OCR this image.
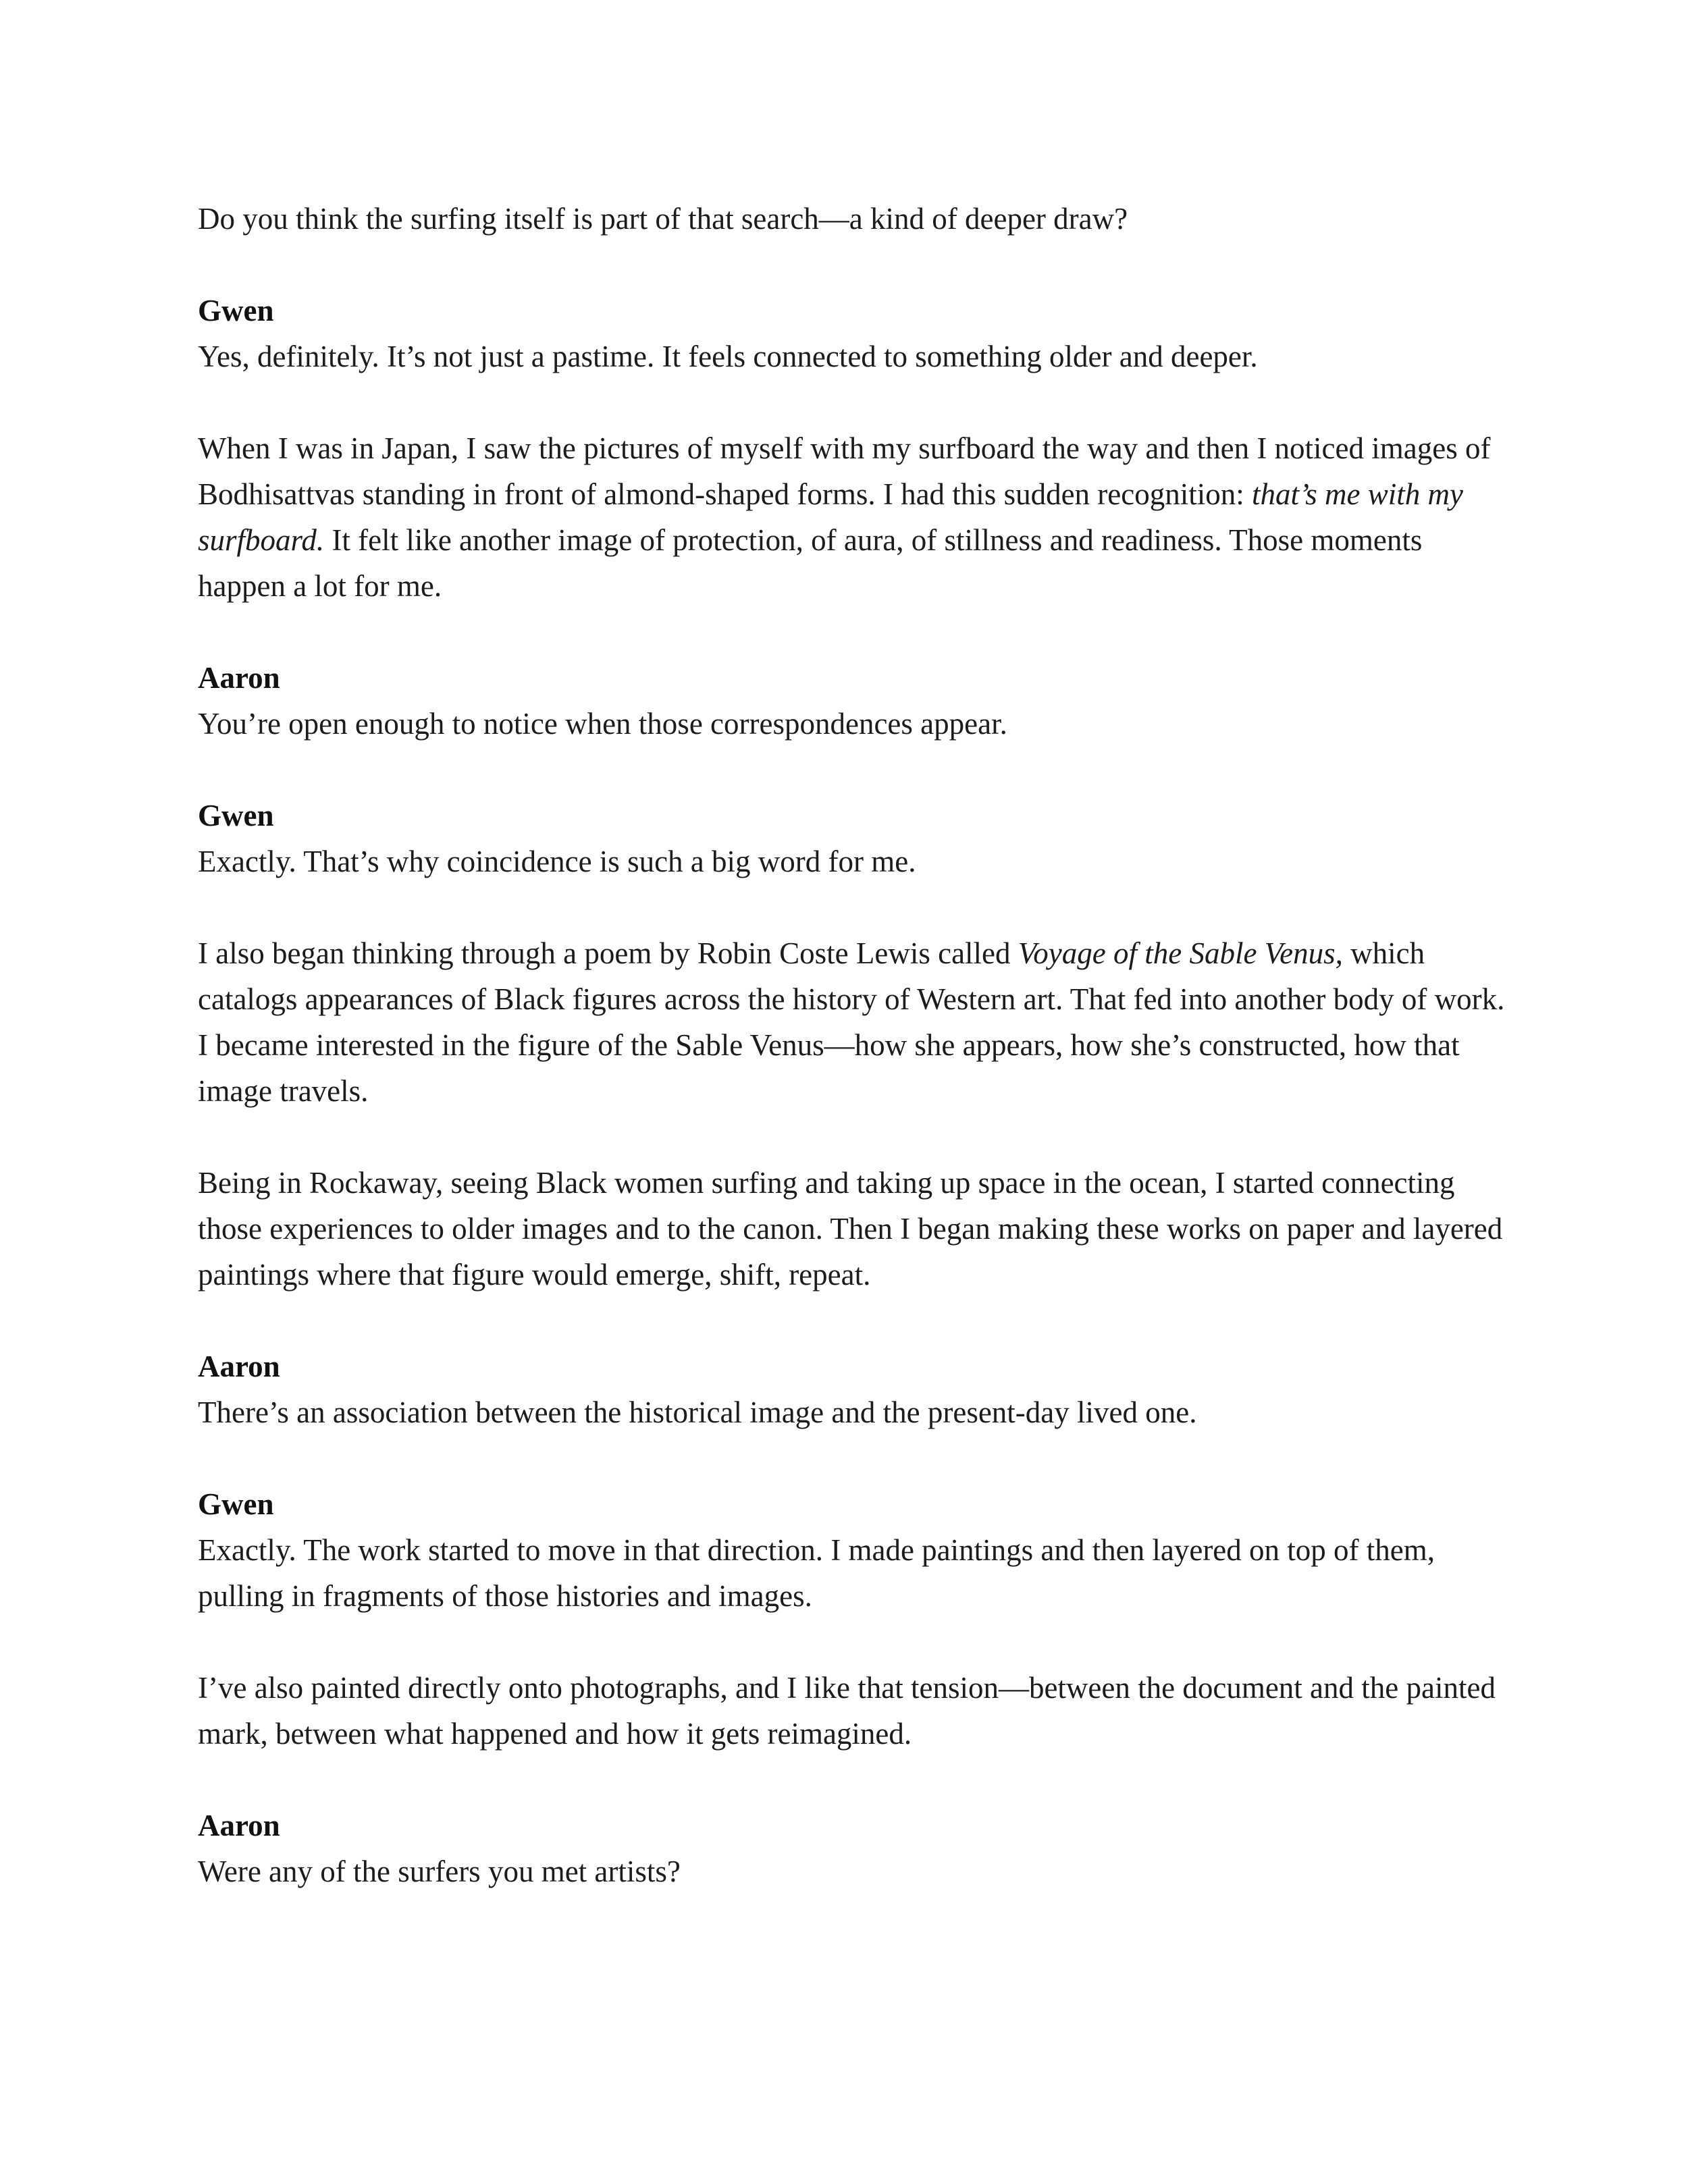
Do you think the surfing itself is part of that search—a kind of deeper draw?

Gwen

Yes, definitely. It’s not just a pastime. It feels connected to something older and deeper.

When I was in Japan, I saw the pictures of myself with my surfboard the way and then I noticed images of Bodhisattvas standing in front of almond-shaped forms. I had this sudden recognition: that’s me with my surfboard. It felt like another image of protection, of aura, of stillness and readiness. Those moments happen a lot for me.

Aaron

You’re open enough to notice when those correspondences appear.

Gwen

Exactly. That’s why coincidence is such a big word for me.

I also began thinking through a poem by Robin Coste Lewis called Voyage of the Sable Venus, which catalogs appearances of Black figures across the history of Western art. That fed into another body of work. I became interested in the figure of the Sable Venus—how she appears, how she’s constructed, how that image travels.

Being in Rockaway, seeing Black women surfing and taking up space in the ocean, I started connecting those experiences to older images and to the canon. Then I began making these works on paper and layered paintings where that figure would emerge, shift, repeat.

Aaron

There’s an association between the historical image and the present-day lived one.

Gwen

Exactly. The work started to move in that direction. I made paintings and then layered on top of them, pulling in fragments of those histories and images.

I’ve also painted directly onto photographs, and I like that tension—between the document and the painted mark, between what happened and how it gets reimagined.

Aaron

Were any of the surfers you met artists?
